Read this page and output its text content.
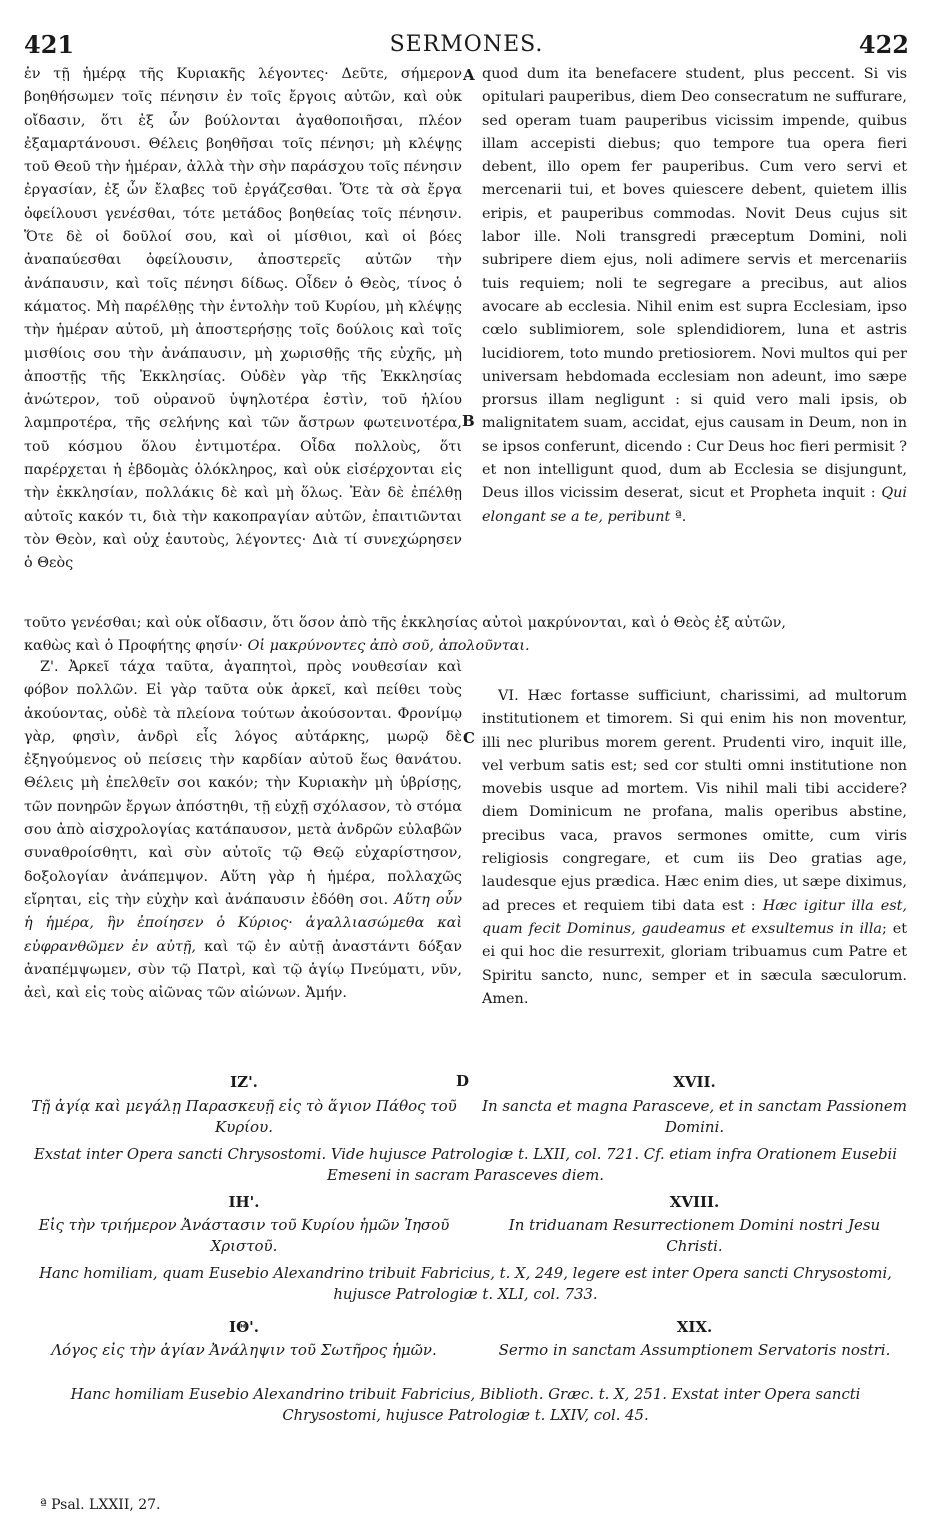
421	SERMONES.	422

ἐν τῇ ἡμέρᾳ τῆς Κυριακῆς λέγοντες· Δεῦτε, σήμερον βοηθήσωμεν τοῖς πένησιν ἐν τοῖς ἔργοις αὐτῶν, καὶ οὐκ οἴδασιν, ὅτι ἐξ ὧν βούλονται ἀγαθοποιῆσαι, πλέον ἐξαμαρτάνουσι. Θέλεις βοηθῆσαι τοῖς πένησι; μὴ κλέψῃς τοῦ Θεοῦ τὴν ἡμέραν, ἀλλὰ τὴν σὴν παράσχου τοῖς πένησιν ἐργασίαν, ἐξ ὧν ἔλαβες τοῦ ἐργάζεσθαι. Ὅτε τὰ σὰ ἔργα ὀφείλουσι γενέσθαι, τότε μετάδος βοηθείας τοῖς πένησιν. Ὅτε δὲ οἱ δοῦλοί σου, καὶ οἱ μίσθιοι, καὶ οἱ βόες ἀναπαύεσθαι ὀφείλουσιν, ἀποστερεῖς αὐτῶν τὴν ἀνάπαυσιν, καὶ τοῖς πένησι δίδως. Οἶδεν ὁ Θεὸς, τίνος ὁ κάματος. Μὴ παρέλθῃς τὴν ἐντολὴν τοῦ Κυρίου, μὴ κλέψῃς τὴν ἡμέραν αὐτοῦ, μὴ ἀποστερήσῃς τοῖς δούλοις καὶ τοῖς μισθίοις σου τὴν ἀνάπαυσιν, μὴ χωρισθῇς τῆς εὐχῆς, μὴ ἀποστῇς τῆς Ἐκκλησίας. Οὐδὲν γὰρ τῆς Ἐκκλησίας ἀνώτερον, τοῦ οὐρανοῦ ὑψηλοτέρα ἐστὶν, τοῦ ἡλίου λαμπροτέρα, τῆς σελήνης καὶ τῶν ἄστρων φωτεινοτέρα, τοῦ κόσμου ὅλου ἐντιμοτέρα. Οἶδα πολλοὺς, ὅτι παρέρχεται ἡ ἑβδομὰς ὁλόκληρος, καὶ οὐκ εἰσέρχονται εἰς τὴν ἐκκλησίαν, πολλάκις δὲ καὶ μὴ ὅλως. Ἐὰν δὲ ἐπέλθῃ αὐτοῖς κακόν τι, διὰ τὴν κακοπραγίαν αὐτῶν, ἐπαιτιῶνται τὸν Θεὸν, καὶ οὐχ ἑαυτοὺς, λέγοντες· Διὰ τί συνεχώρησεν ὁ Θεὸς

quod dum ita benefacere student, plus peccent. Si vis opitulari pauperibus, diem Deo consecratum ne suffurare, sed operam tuam pauperibus vicissim impende, quibus illam accepisti diebus; quo tempore tua opera fieri debent, illo opem fer pauperibus. Cum vero servi et mercenarii tui, et boves quiescere debent, quietem illis eripis, et pauperibus commodas. Novit Deus cujus sit labor ille. Noli transgredi præceptum Domini, noli subripere diem ejus, noli adimere servis et mercenariis tuis requiem; noli te segregare a precibus, aut alios avocare ab ecclesia. Nihil enim est supra Ecclesiam, ipso cœlo sublimiorem, sole splendidiorem, luna et astris lucidiorem, toto mundo pretiosiorem. Novi multos qui per universam hebdomada ecclesiam non adeunt, imo sæpe prorsus illam negligunt : si quid vero mali ipsis, ob malignitatem suam, accidat, ejus causam in Deum, non in se ipsos conferunt, dicendo : Cur Deus hoc fieri permisit ? et non intelligunt quod, dum ab Ecclesia se disjungunt, Deus illos vicissim deserat, sicut et Propheta inquit : Qui elongant se a te, peribunt ª.

A
B
C
D
τοῦτο γενέσθαι; καὶ οὐκ οἴδασιν, ὅτι ὅσον ἀπὸ τῆς ἐκκλησίας αὐτοὶ μακρύνονται, καὶ ὁ Θεὸς ἐξ αὐτῶν,
καθὼς καὶ ὁ Προφήτης φησίν· Οἱ μακρύνοντες ἀπὸ σοῦ, ἀπολοῦνται.

Ζ'. Ἀρκεῖ τάχα ταῦτα, ἀγαπητοὶ, πρὸς νουθεσίαν καὶ φόβον πολλῶν. Εἰ γὰρ ταῦτα οὐκ ἀρκεῖ, καὶ πείθει τοὺς ἀκούοντας, οὐδὲ τὰ πλείονα τούτων ἀκούσονται. Φρονίμῳ γὰρ, φησὶν, ἀνδρὶ εἷς λόγος αὐτάρκης, μωρῷ δὲ ἐξηγούμενος οὐ πείσεις τὴν καρδίαν αὐτοῦ ἕως θανάτου. Θέλεις μὴ ἐπελθεῖν σοι κακόν; τὴν Κυριακὴν μὴ ὑβρίσῃς, τῶν πονηρῶν ἔργων ἀπόστηθι, τῇ εὐχῇ σχόλασον, τὸ στόμα σου ἀπὸ αἰσχρολογίας κατάπαυσον, μετὰ ἀνδρῶν εὐλαβῶν συναθροίσθητι, καὶ σὺν αὐτοῖς τῷ Θεῷ εὐχαρίστησον, δοξολογίαν ἀνάπεμψον. Αὕτη γὰρ ἡ ἡμέρα, πολλαχῶς εἴρηται, εἰς τὴν εὐχὴν καὶ ἀνάπαυσιν ἐδόθη σοι. Αὕτη οὖν ἡ ἡμέρα, ἣν ἐποίησεν ὁ Κύριος· ἀγαλλιασώμεθα καὶ εὐφρανθῶμεν ἐν αὐτῇ, καὶ τῷ ἐν αὐτῇ ἀναστάντι δόξαν ἀναπέμψωμεν, σὺν τῷ Πατρὶ, καὶ τῷ ἁγίῳ Πνεύματι, νῦν, ἀεὶ, καὶ εἰς τοὺς αἰῶνας τῶν αἰώνων. Ἀμήν.

VI. Hæc fortasse sufficiunt, charissimi, ad multorum institutionem et timorem. Si qui enim his non moventur, illi nec pluribus morem gerent. Prudenti viro, inquit ille, vel verbum satis est; sed cor stulti omni institutione non movebis usque ad mortem. Vis nihil mali tibi accidere? diem Dominicum ne profana, malis operibus abstine, precibus vaca, pravos sermones omitte, cum viris religiosis congregare, et cum iis Deo gratias age, laudesque ejus prædica. Hæc enim dies, ut sæpe diximus, ad preces et requiem tibi data est : Hæc igitur illa est, quam fecit Dominus, gaudeamus et exsultemus in illa; et ei qui hoc die resurrexit, gloriam tribuamus cum Patre et Spiritu sancto, nunc, semper et in sæcula sæculorum. Amen.

ΙΖ'.	XVII.
Τῇ ἁγίᾳ καὶ μεγάλῃ Παρασκευῇ εἰς τὸ ἅγιον Πάθος τοῦ Κυρίου.
In sancta et magna Parasceve, et in sanctam Passionem Domini.
Exstat inter Opera sancti Chrysostomi. Vide hujusce Patrologiæ t. LXII, col. 721. Cf. etiam infra Orationem Eusebii Emeseni in sacram Parasceves diem.
ΙΗ'.	XVIII.
Εἰς τὴν τριήμερον Ἀνάστασιν τοῦ Κυρίου ἡμῶν Ἰησοῦ Χριστοῦ.
In triduanam Resurrectionem Domini nostri Jesu Christi.
Hanc homiliam, quam Eusebio Alexandrino tribuit Fabricius, t. X, 249, legere est inter Opera sancti Chrysostomi, hujusce Patrologiæ t. XLI, col. 733.
ΙΘ'.	XIX.
Λόγος εἰς τὴν ἁγίαν Ἀνάληψιν τοῦ Σωτῆρος ἡμῶν.	Sermo in sanctam Assumptionem Servatoris nostri.
Hanc homiliam Eusebio Alexandrino tribuit Fabricius, Biblioth. Græc. t. X, 251. Exstat inter Opera sancti Chrysostomi, hujusce Patrologiæ t. LXIV, col. 45.
ª Psal. LXXII, 27.
